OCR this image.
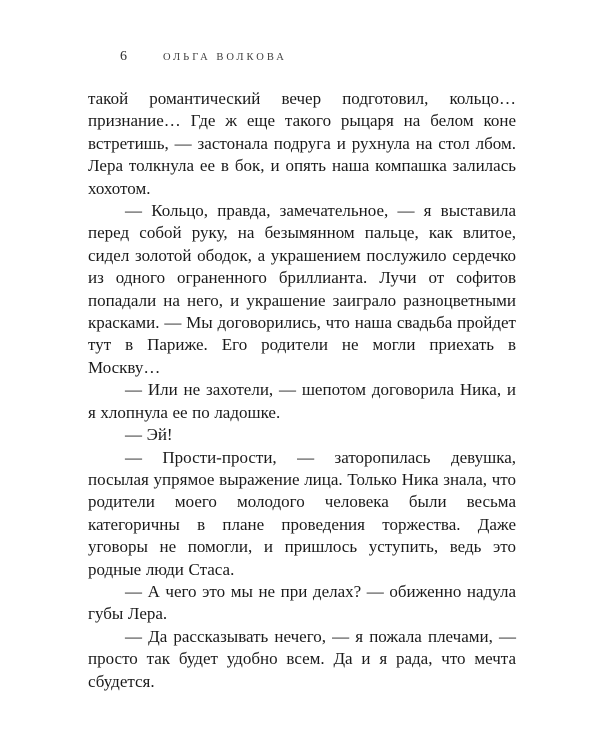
6	ОЛЬГА ВОЛКОВА

такой романтический вечер подготовил, кольцо… признание… Где ж еще такого рыцаря на белом коне встретишь, — застонала подруга и рухнула на стол лбом. Лера толкнула ее в бок, и опять наша компашка залилась хохотом.

— Кольцо, правда, замечательное, — я выставила перед собой руку, на безымянном пальце, как влитое, сидел золотой ободок, а украшением послужило сердечко из одного ограненного бриллианта. Лучи от софитов попадали на него, и украшение заиграло разноцветными красками. — Мы договорились, что наша свадьба пройдет тут в Париже. Его родители не могли приехать в Москву…

— Или не захотели, — шепотом договорила Ника, и я хлопнула ее по ладошке.

— Эй!

— Прости-прости, — заторопилась девушка, посылая упрямое выражение лица. Только Ника знала, что родители моего молодого человека были весьма категоричны в плане проведения торжества. Даже уговоры не помогли, и пришлось уступить, ведь это родные люди Стаса.

— А чего это мы не при делах? — обиженно надула губы Лера.

— Да рассказывать нечего, — я пожала плечами, — просто так будет удобно всем. Да и я рада, что мечта сбудется.
